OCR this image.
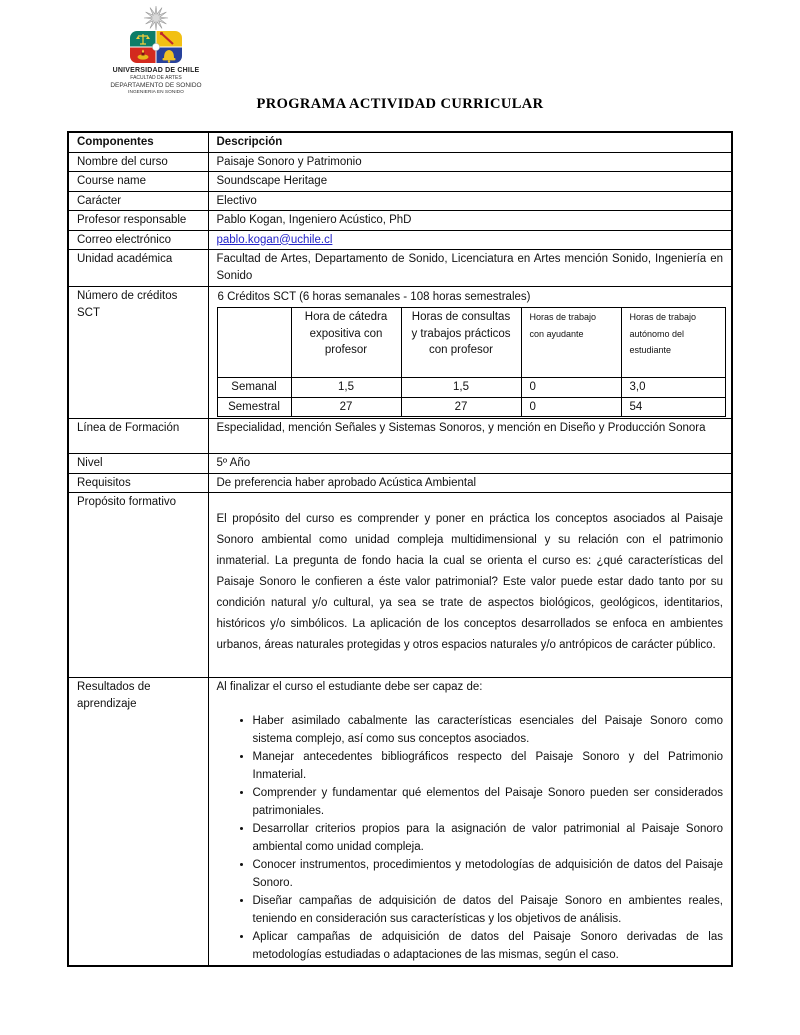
UNIVERSIDAD DE CHILE
FACULTAD DE ARTES
DEPARTAMENTO DE SONIDO
INGENIERIA EN SONIDO
PROGRAMA ACTIVIDAD CURRICULAR
Componentes	Descripción
Nombre del curso	Paisaje Sonoro y Patrimonio
Course name	Soundscape Heritage
Carácter	Electivo
Profesor responsable	Pablo Kogan, Ingeniero Acústico, PhD
Correo electrónico	pablo.kogan@uchile.cl
Unidad académica	Facultad de Artes, Departamento de Sonido, Licenciatura en Artes mención Sonido, Ingeniería en Sonido
Número de créditos SCT	
6 Créditos SCT (6 horas semanales - 108 horas semestrales)
	Hora de cátedra expositiva con profesor	Horas de consultas y trabajos prácticos con profesor	Horas de trabajo con ayudante	Horas de trabajo autónomo del estudiante
Semanal	1,5	1,5	0	3,0
Semestral	27	27	0	54

Línea de Formación	Especialidad, mención Señales y Sistemas Sonoros, y mención en Diseño y Producción Sonora
Nivel	5º Año
Requisitos	De preferencia haber aprobado Acústica Ambiental
Propósito formativo	
El propósito del curso es comprender y poner en práctica los conceptos asociados al Paisaje Sonoro ambiental como unidad compleja multidimensional y su relación con el patrimonio inmaterial. La pregunta de fondo hacia la cual se orienta el curso es: ¿qué características del Paisaje Sonoro le confieren a éste valor patrimonial? Este valor puede estar dado tanto por su condición natural y/o cultural, ya sea se trate de aspectos biológicos, geológicos, identitarios, históricos y/o simbólicos. La aplicación de los conceptos desarrollados se enfoca en ambientes urbanos, áreas naturales protegidas y otros espacios naturales y/o antrópicos de carácter público.

Resultados de aprendizaje	
Al finalizar el curso el estudiante debe ser capaz de:
• Haber asimilado cabalmente las características esenciales del Paisaje Sonoro como sistema complejo, así como sus conceptos asociados.
• Manejar antecedentes bibliográficos respecto del Paisaje Sonoro y del Patrimonio Inmaterial.
• Comprender y fundamentar qué elementos del Paisaje Sonoro pueden ser considerados patrimoniales.
• Desarrollar criterios propios para la asignación de valor patrimonial al Paisaje Sonoro ambiental como unidad compleja.
• Conocer instrumentos, procedimientos y metodologías de adquisición de datos del Paisaje Sonoro.
• Diseñar campañas de adquisición de datos del Paisaje Sonoro en ambientes reales, teniendo en consideración sus características y los objetivos de análisis.
• Aplicar campañas de adquisición de datos del Paisaje Sonoro derivadas de las metodologías estudiadas o adaptaciones de las mismas, según el caso.
